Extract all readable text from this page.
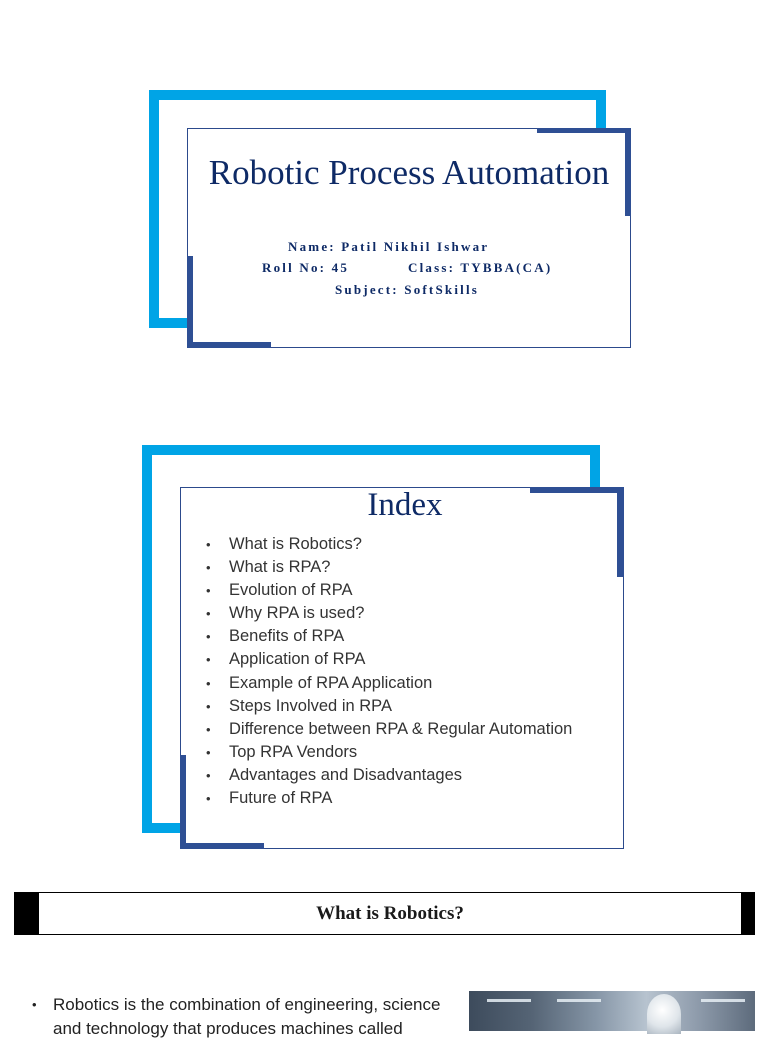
Robotic Process Automation
Name: Patil Nikhil Ishwar
Roll No: 45	Class: TYBBA(CA)
Subject: SoftSkills
Index
• What is Robotics?
• What is RPA?
• Evolution of RPA
• Why RPA is used?
• Benefits of RPA
• Application of RPA
• Example of RPA Application
• Steps Involved in RPA
• Difference between RPA & Regular Automation
• Top RPA Vendors
• Advantages and Disadvantages
• Future of RPA
What is Robotics?
• Robotics is the combination of engineering, science
and technology that produces machines called
